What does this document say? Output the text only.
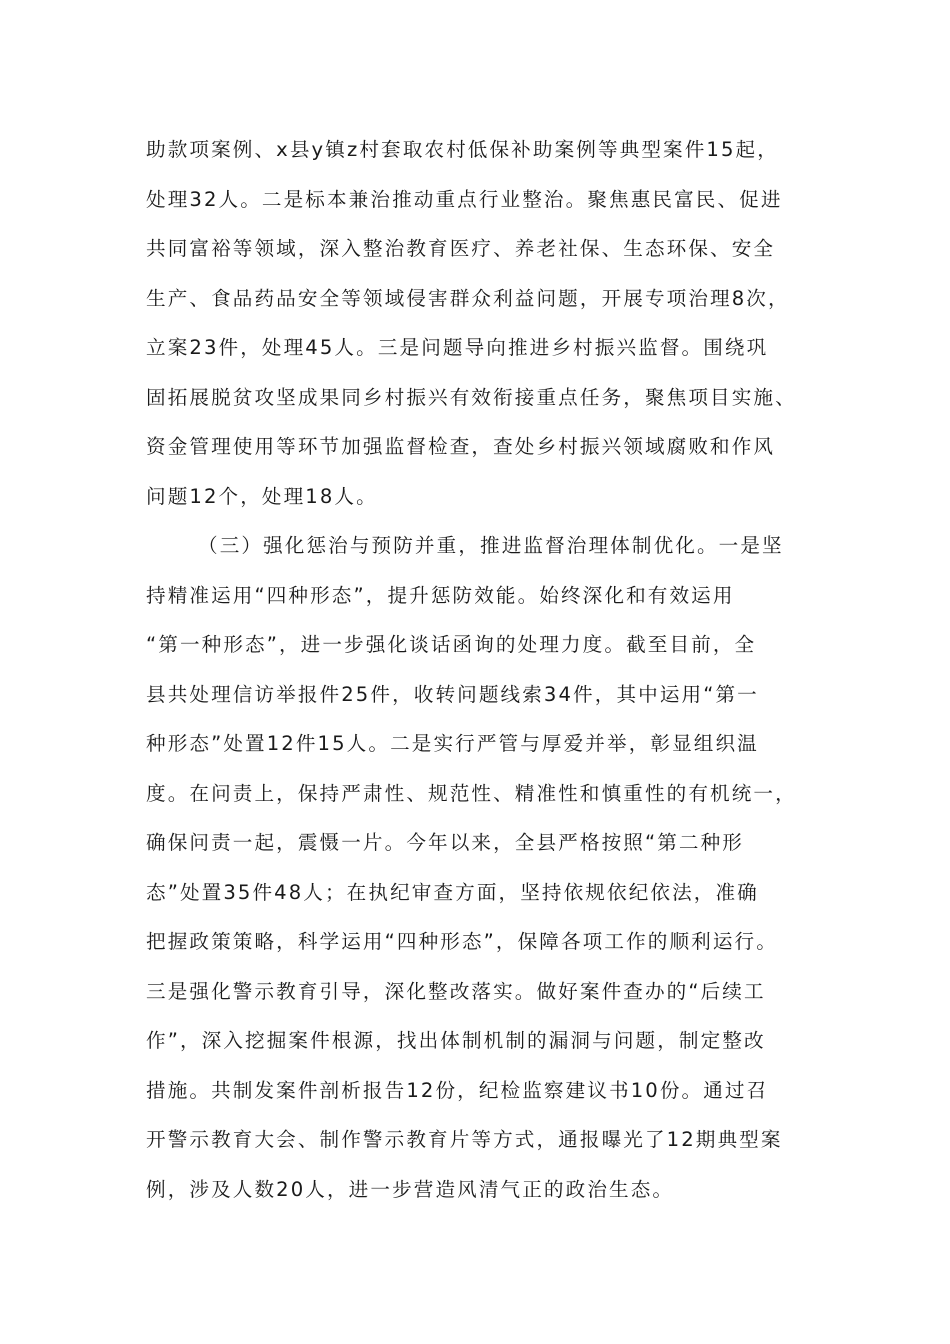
助款项案例、x县y镇z村套取农村低保补助案例等典型案件15起，
处理32人。二是标本兼治推动重点行业整治。聚焦惠民富民、促进
共同富裕等领域，深入整治教育医疗、养老社保、生态环保、安全
生产、食品药品安全等领域侵害群众利益问题，开展专项治理8次，
立案23件，处理45人。三是问题导向推进乡村振兴监督。围绕巩
固拓展脱贫攻坚成果同乡村振兴有效衔接重点任务，聚焦项目实施、
资金管理使用等环节加强监督检查，查处乡村振兴领域腐败和作风
问题12个，处理18人。
（三）强化惩治与预防并重，推进监督治理体制优化。一是坚
持精准运用“四种形态”，提升惩防效能。始终深化和有效运用
“第一种形态”，进一步强化谈话函询的处理力度。截至目前，全
县共处理信访举报件25件，收转问题线索34件，其中运用“第一
种形态”处置12件15人。二是实行严管与厚爱并举，彰显组织温
度。在问责上，保持严肃性、规范性、精准性和慎重性的有机统一，
确保问责一起，震慑一片。今年以来，全县严格按照“第二种形
态”处置35件48人；在执纪审查方面，坚持依规依纪依法，准确
把握政策策略，科学运用“四种形态”，保障各项工作的顺利运行。
三是强化警示教育引导，深化整改落实。做好案件查办的“后续工
作”，深入挖掘案件根源，找出体制机制的漏洞与问题，制定整改
措施。共制发案件剖析报告12份，纪检监察建议书10份。通过召
开警示教育大会、制作警示教育片等方式，通报曝光了12期典型案
例，涉及人数20人，进一步营造风清气正的政治生态。
